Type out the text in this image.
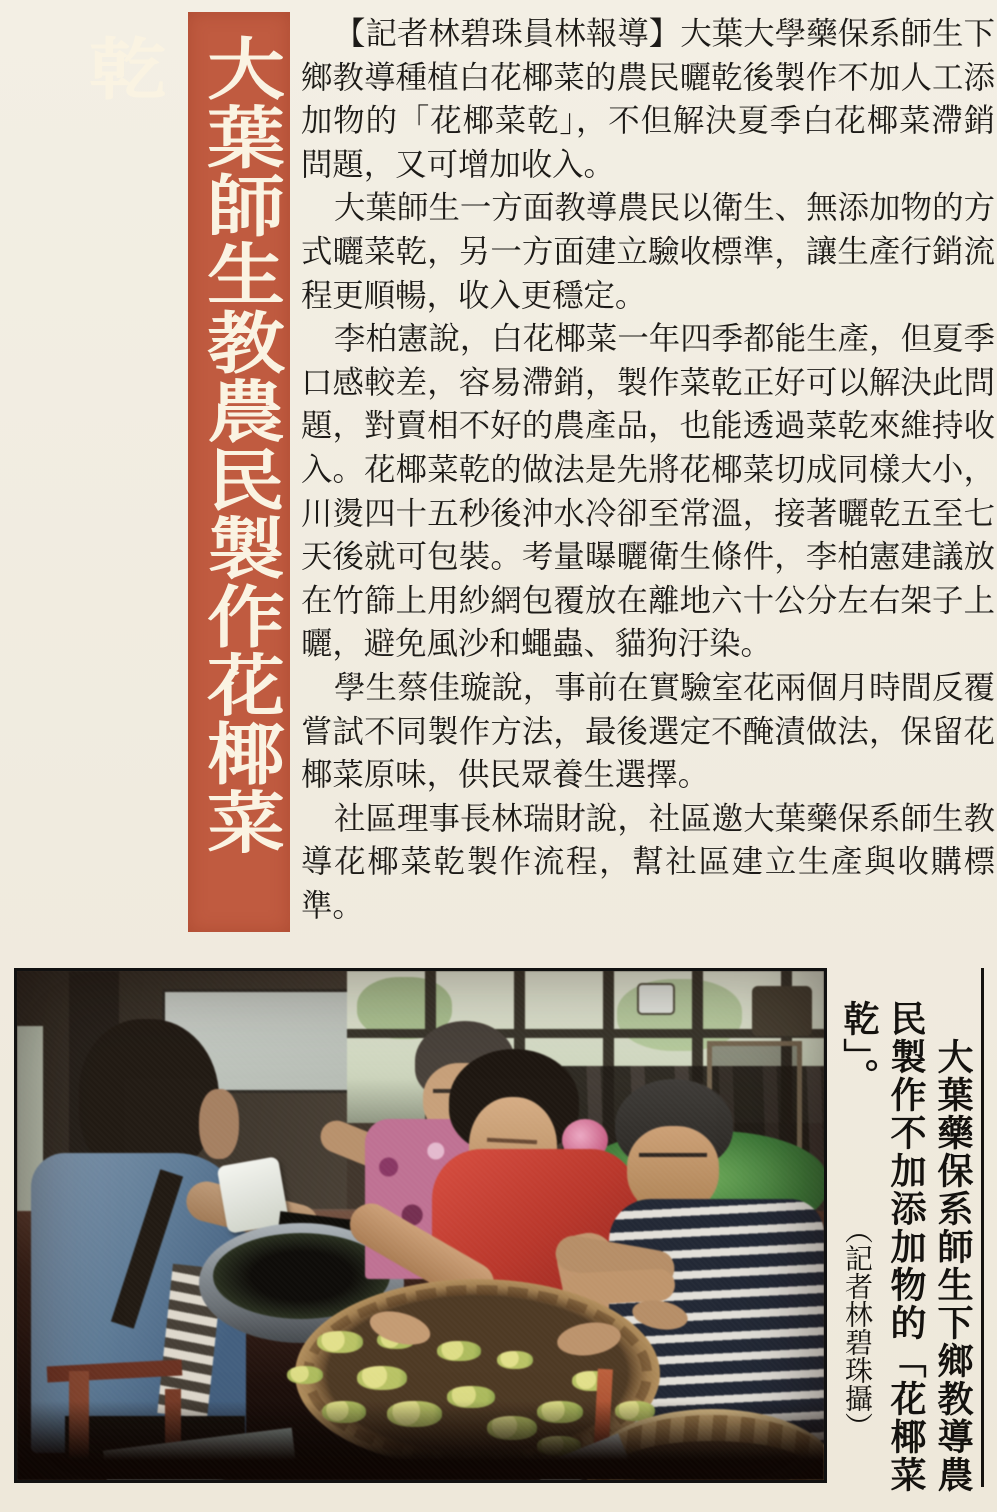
大葉師生教農民製作花椰菜乾

【記者林碧珠員林報導】大葉大學藥保系師生下鄉教導種植白花椰菜的農民曬乾後製作不加人工添加物的「花椰菜乾」，不但解決夏季白花椰菜滯銷問題，又可增加收入。

大葉師生一方面教導農民以衛生、無添加物的方式曬菜乾，另一方面建立驗收標準，讓生產行銷流程更順暢，收入更穩定。

李柏憲說，白花椰菜一年四季都能生產，但夏季口感較差，容易滯銷，製作菜乾正好可以解決此問題，對賣相不好的農產品，也能透過菜乾來維持收入。花椰菜乾的做法是先將花椰菜切成同樣大小，川燙四十五秒後沖水冷卻至常溫，接著曬乾五至七天後就可包裝。考量曝曬衛生條件，李柏憲建議放在竹篩上用紗網包覆放在離地六十公分左右架子上曬，避免風沙和蠅蟲、貓狗汙染。

學生蔡佳璇說，事前在實驗室花兩個月時間反覆嘗試不同製作方法，最後選定不醃漬做法，保留花椰菜原味，供民眾養生選擇。

社區理事長林瑞財說，社區邀大葉藥保系師生教導花椰菜乾製作流程，幫社區建立生產與收購標準。

大葉藥保系師生下鄉教導農民製作不加添加物的「花椰菜乾」。
（記者林碧珠攝）
